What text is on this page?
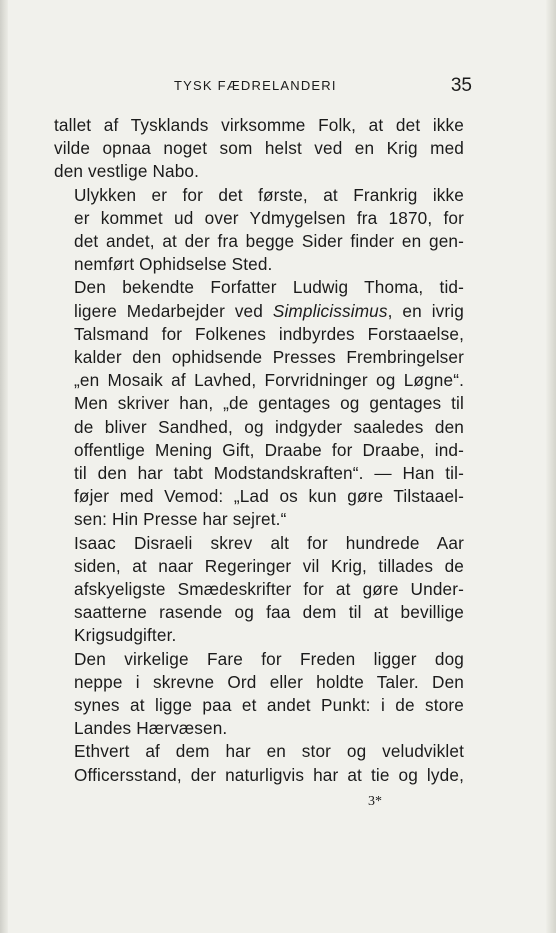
TYSK FÆDRELANDERI	35

tallet af Tysklands virksomme Folk, at det ikke
vilde opnaa noget som helst ved en Krig med
den vestlige Nabo.

Ulykken er for det første, at Frankrig ikke
er kommet ud over Ydmygelsen fra 1870, for
det andet, at der fra begge Sider finder en gen-
nemført Ophidselse Sted.

Den bekendte Forfatter Ludwig Thoma, tid-
ligere Medarbejder ved Simplicissimus, en ivrig
Talsmand for Folkenes indbyrdes Forstaaelse,
kalder den ophidsende Presses Frembringelser
„en Mosaik af Lavhed, Forvridninger og Løgne“.
Men skriver han, „de gentages og gentages til
de bliver Sandhed, og indgyder saaledes den
offentlige Mening Gift, Draabe for Draabe, ind-
til den har tabt Modstandskraften“. — Han til-
føjer med Vemod: „Lad os kun gøre Tilstaael-
sen: Hin Presse har sejret.“

Isaac Disraeli skrev alt for hundrede Aar
siden, at naar Regeringer vil Krig, tillades de
afskyeligste Smædeskrifter for at gøre Under-
saatterne rasende og faa dem til at bevillige
Krigsudgifter.

Den virkelige Fare for Freden ligger dog
neppe i skrevne Ord eller holdte Taler. Den
synes at ligge paa et andet Punkt: i de store
Landes Hærvæsen.

Ethvert af dem har en stor og veludviklet
Officersstand, der naturligvis har at tie og lyde,

3*
